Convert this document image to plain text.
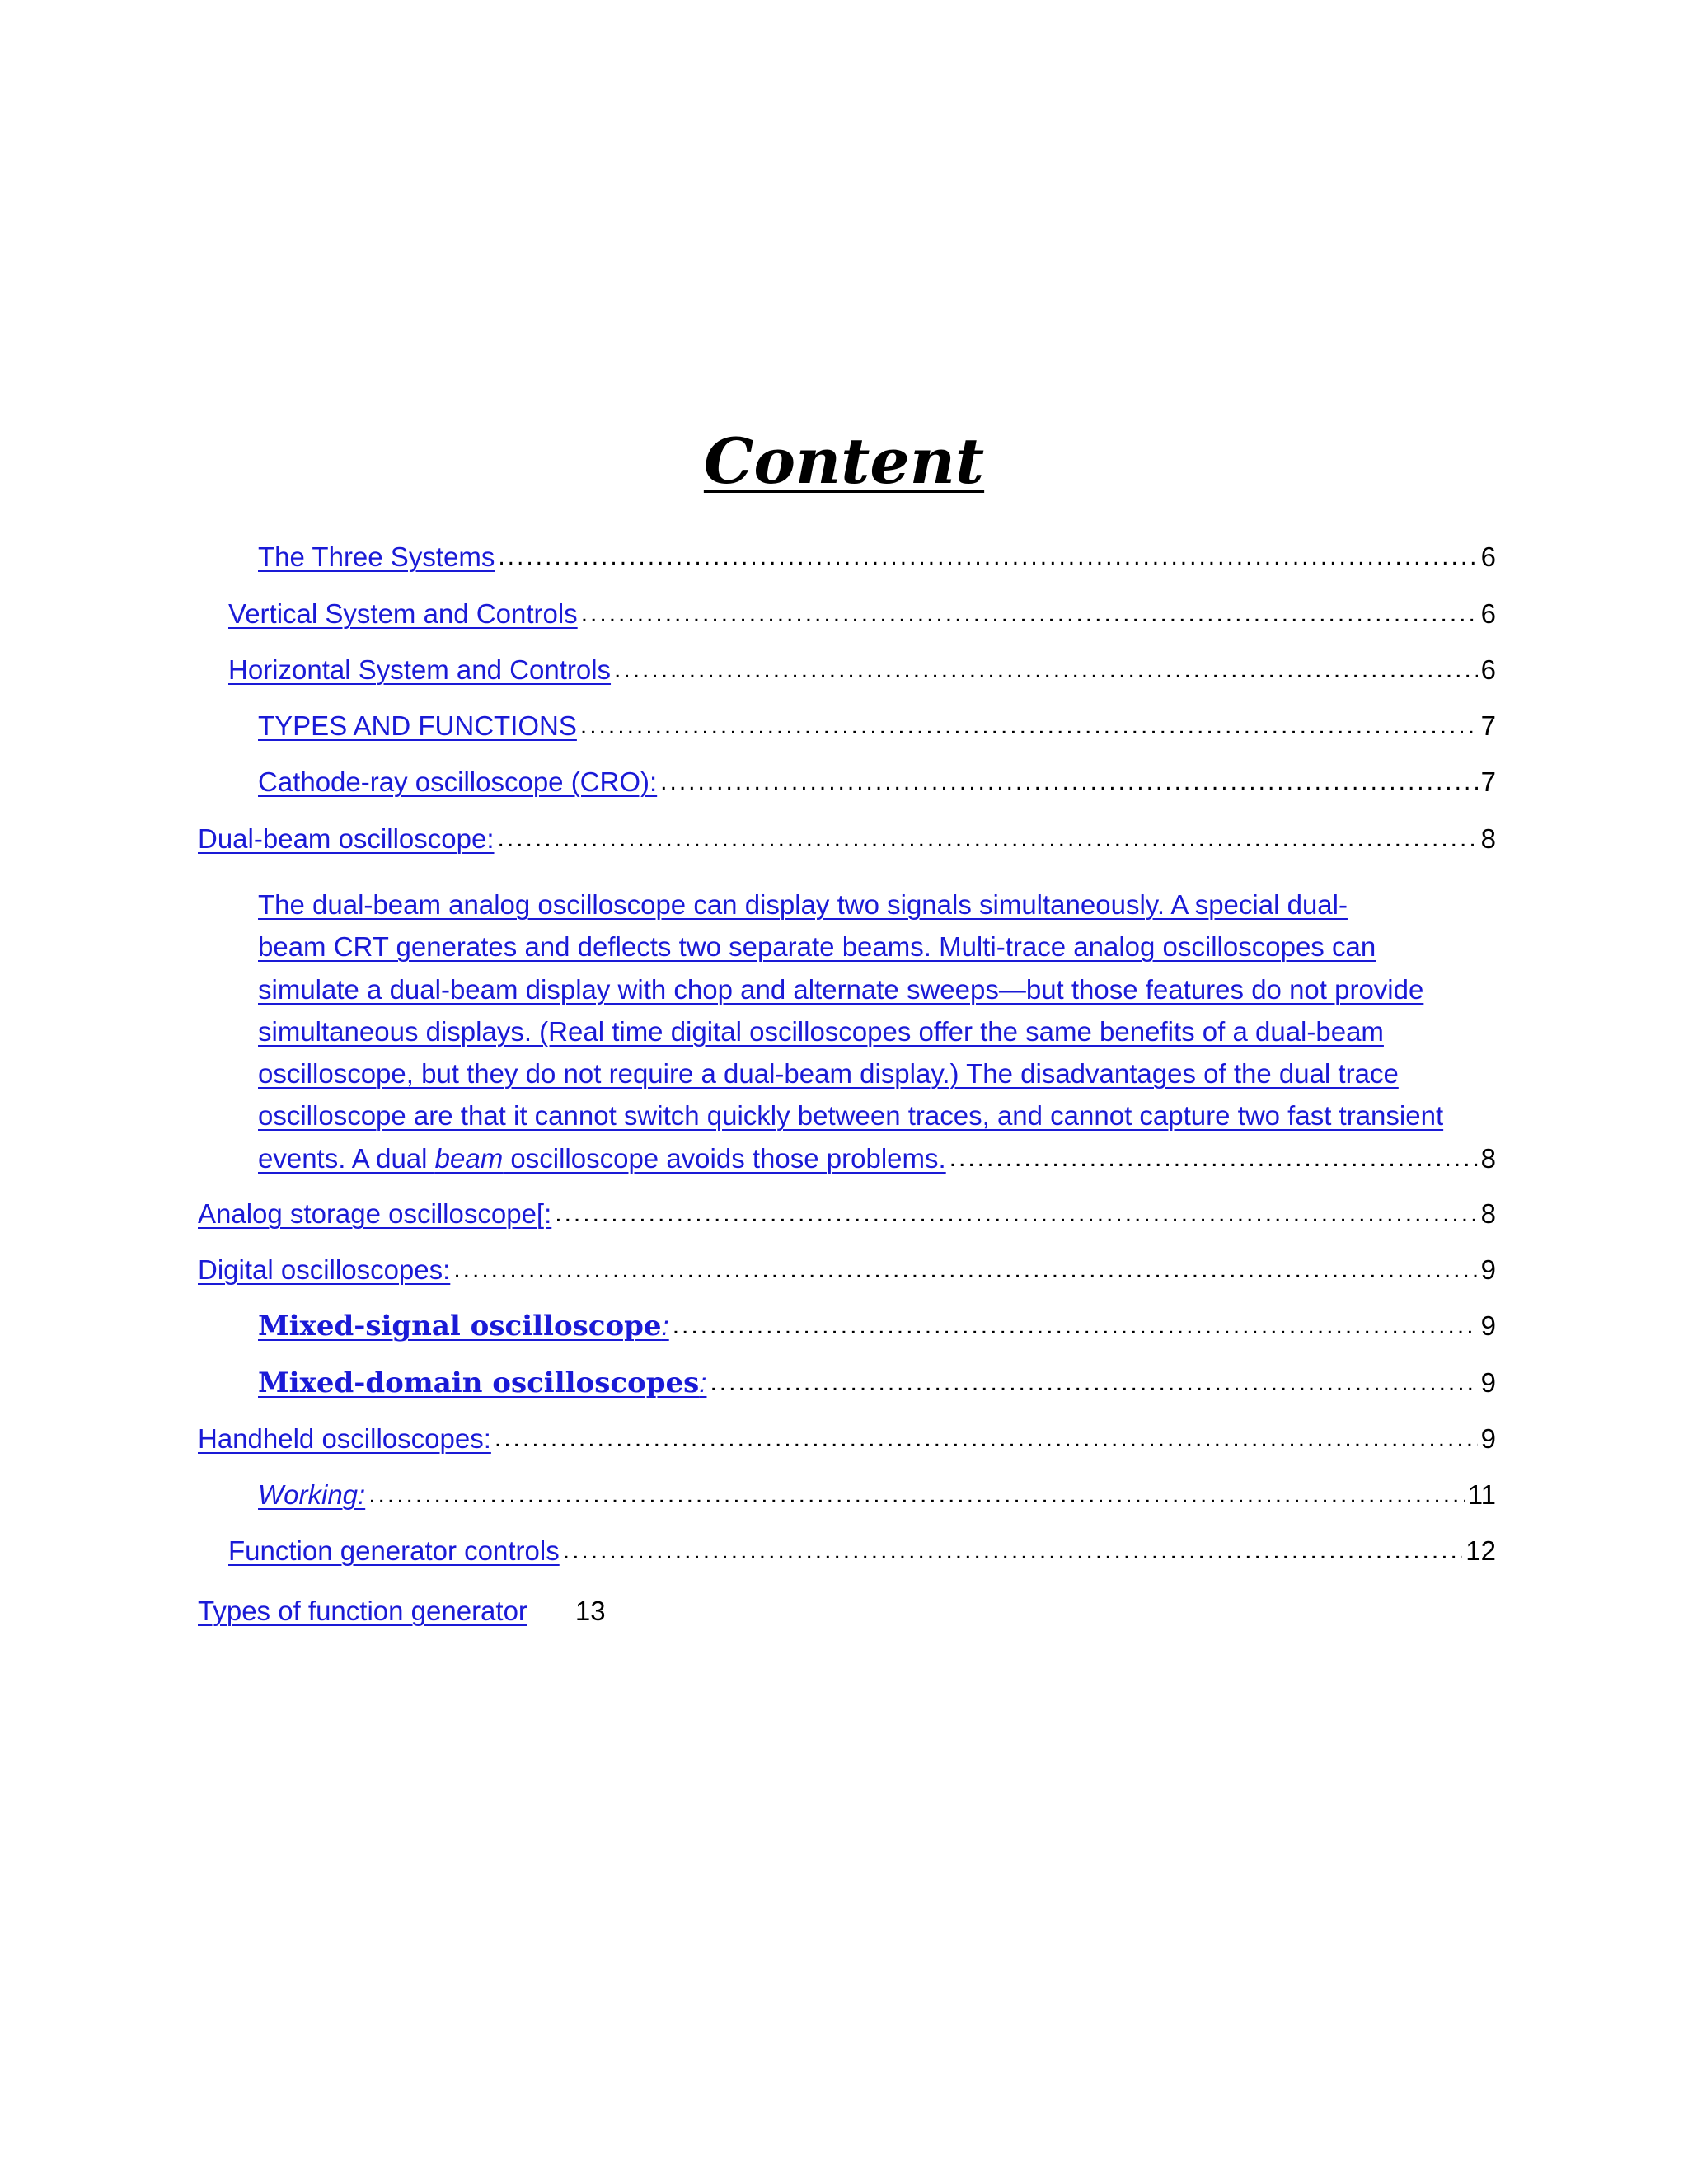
Content
The Three Systems .....	6
Vertical System and Controls .....	6
Horizontal System and Controls .....	6
TYPES AND FUNCTIONS .....	7
Cathode-ray oscilloscope (CRO): .....	7
Dual-beam oscilloscope: .....	8
The dual-beam analog oscilloscope can display two signals simultaneously. A special dual-
beam CRT generates and deflects two separate beams. Multi-trace analog oscilloscopes can
simulate a dual-beam display with chop and alternate sweeps—but those features do not provide
simultaneous displays. (Real time digital oscilloscopes offer the same benefits of a dual-beam
oscilloscope, but they do not require a dual-beam display.) The disadvantages of the dual trace
oscilloscope are that it cannot switch quickly between traces, and cannot capture two fast transient
events. A dual beam oscilloscope avoids those problems. .....	8
Analog storage oscilloscope[: .....	8
Digital oscilloscopes: .....	9
Mixed-signal oscilloscope: .....	9
Mixed-domain oscilloscopes: .....	9
Handheld oscilloscopes: .....	9
Working: .....	11
Function generator controls .....	12
Types of function generator 13
